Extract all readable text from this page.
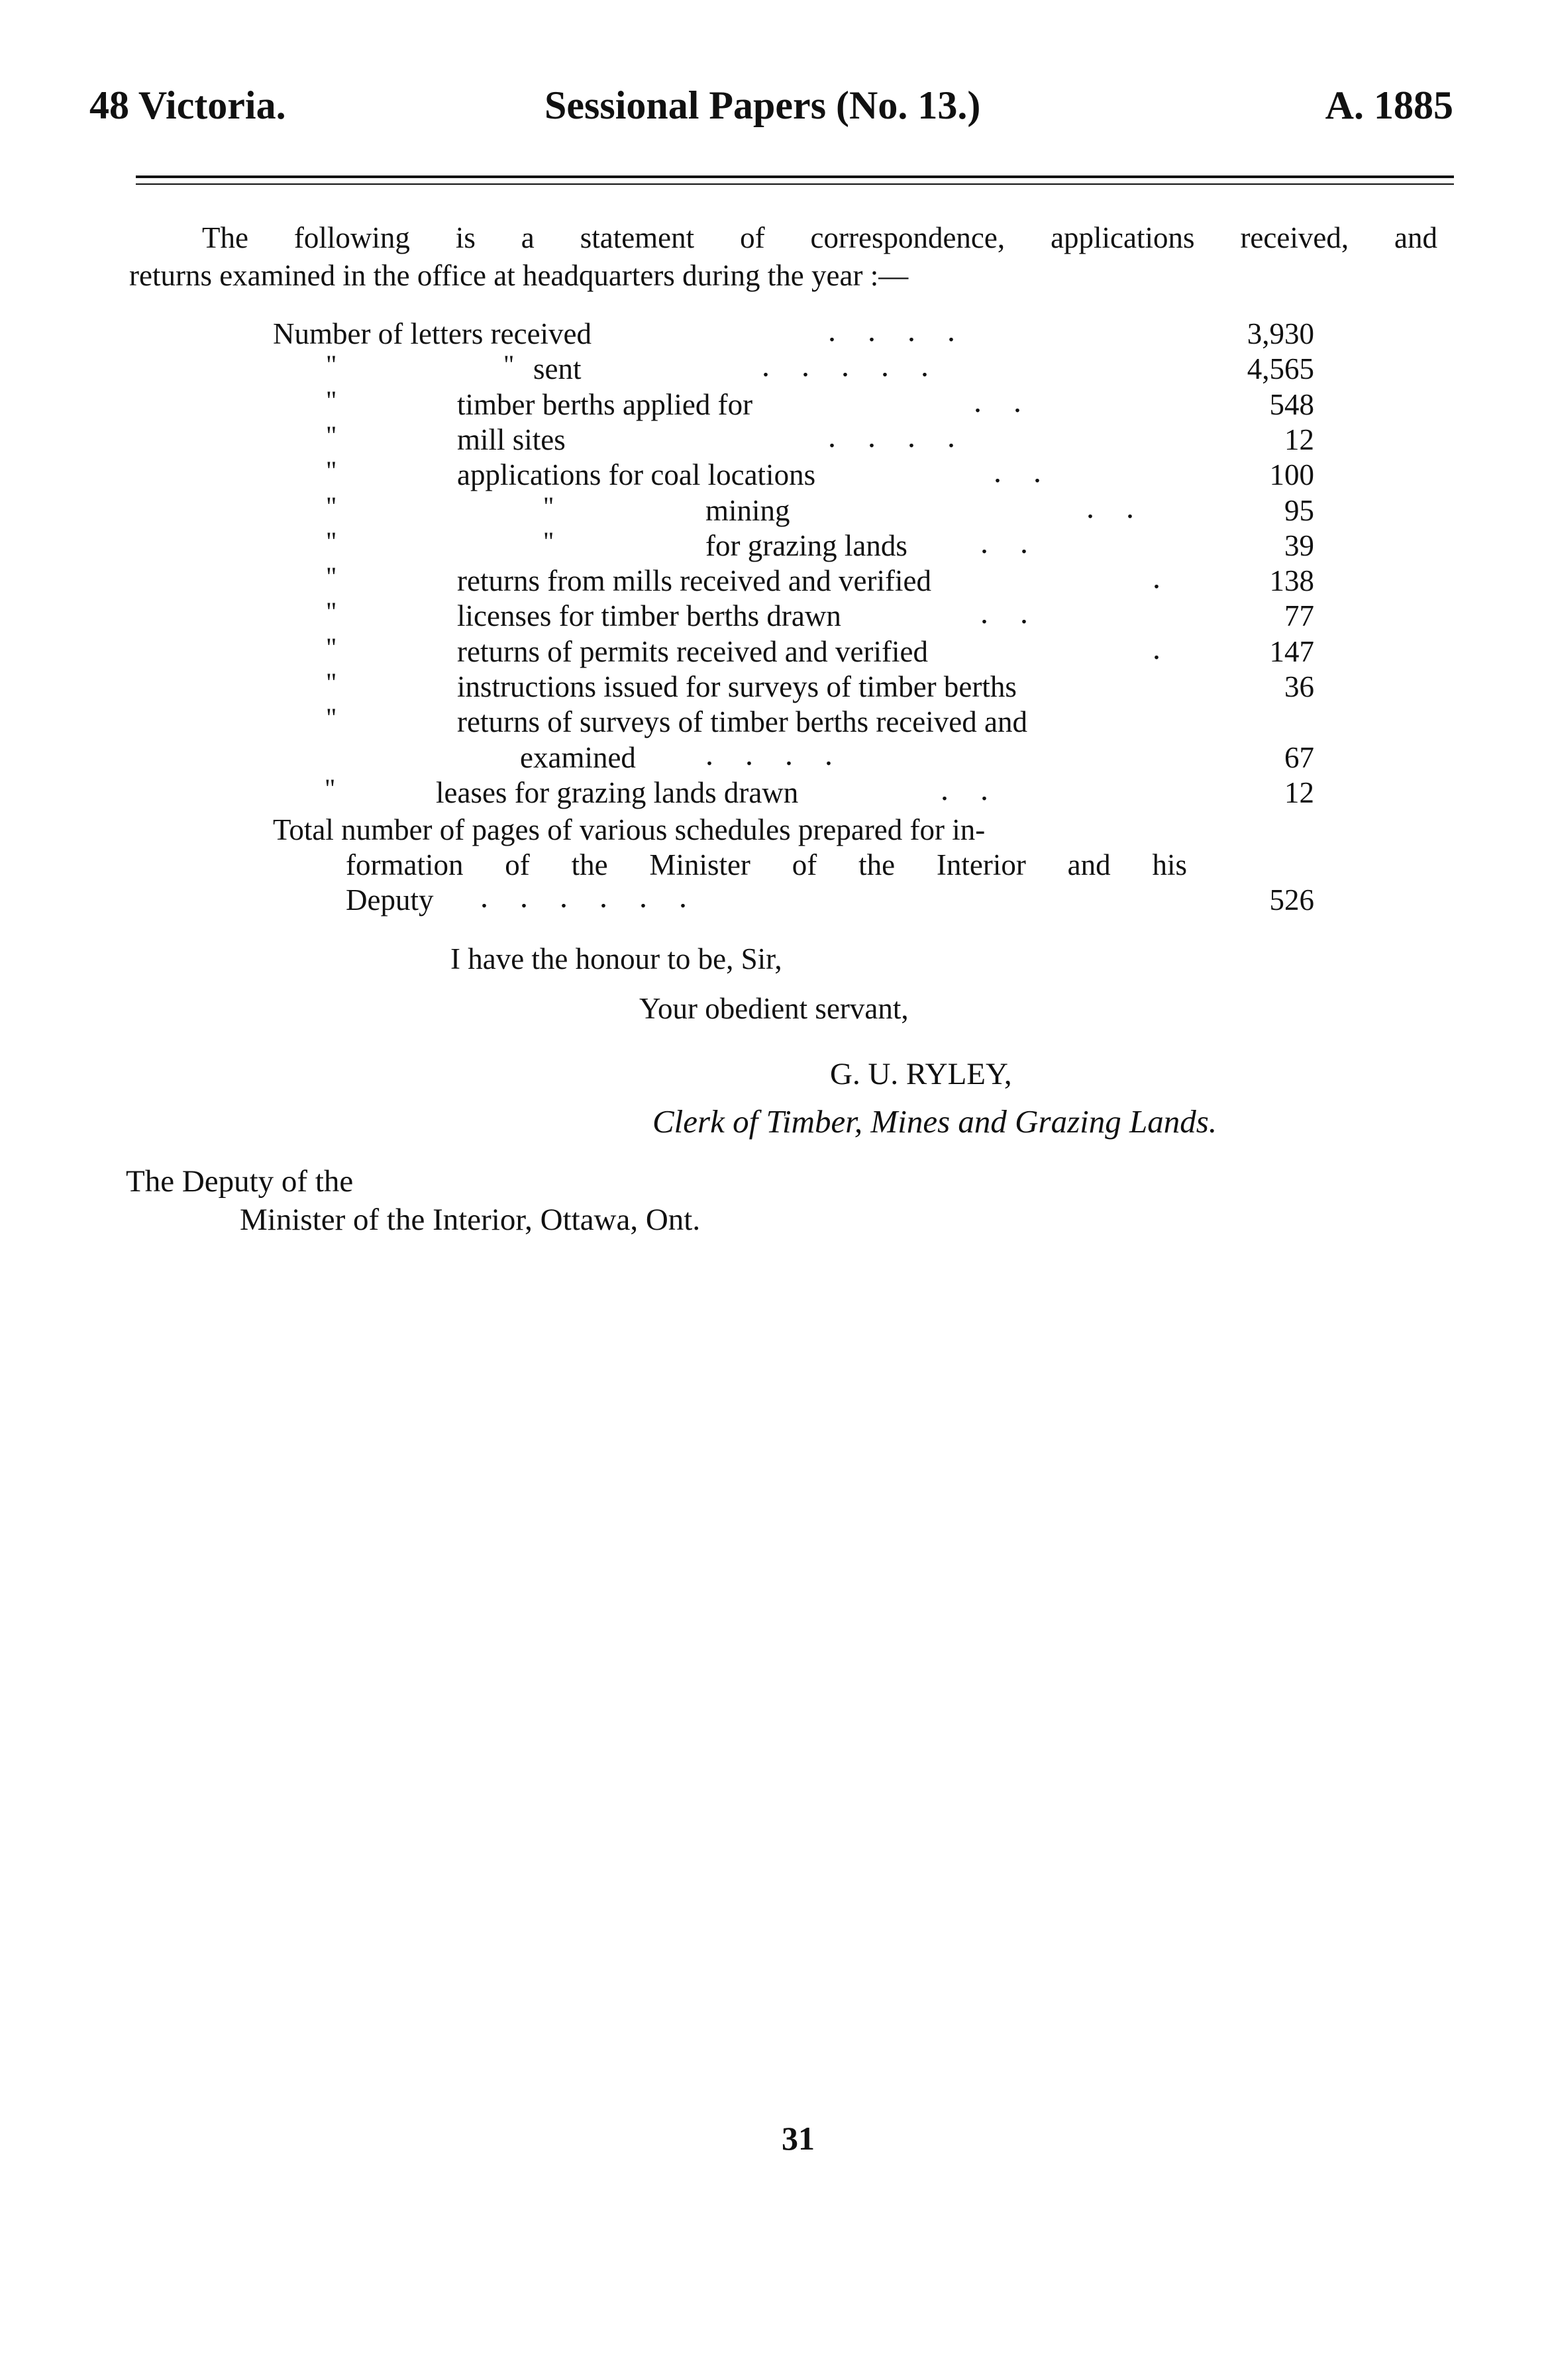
48 Victoria.	Sessional Papers (No. 13.)	A. 1885
The following is a statement of correspondence, applications received, and
returns examined in the office at headquarters during the year :—
Number of letters received	....	3,930
"	" sent	.....	4,565
"	timber berths applied for	..	548
"	mill sites	....	12
"	applications for coal locations	..	100
"	"	mining	..	95
"	"	for grazing lands ..	39
"	returns from mills received and verified	.	138
"	licenses for timber berths drawn	..	77
"	returns of permits received and verified	.	147
"	instructions issued for surveys of timber berths	36
"	returns of surveys of timber berths received and
examined ....	67
"	leases for grazing lands drawn	..	12
Total number of pages of various schedules prepared for in-
formation of the Minister of the Interior and his
Deputy ......	526
I have the honour to be, Sir,
Your obedient servant,
G. U. RYLEY,
Clerk of Timber, Mines and Grazing Lands.
The Deputy of the
Minister of the Interior, Ottawa, Ont.
31
